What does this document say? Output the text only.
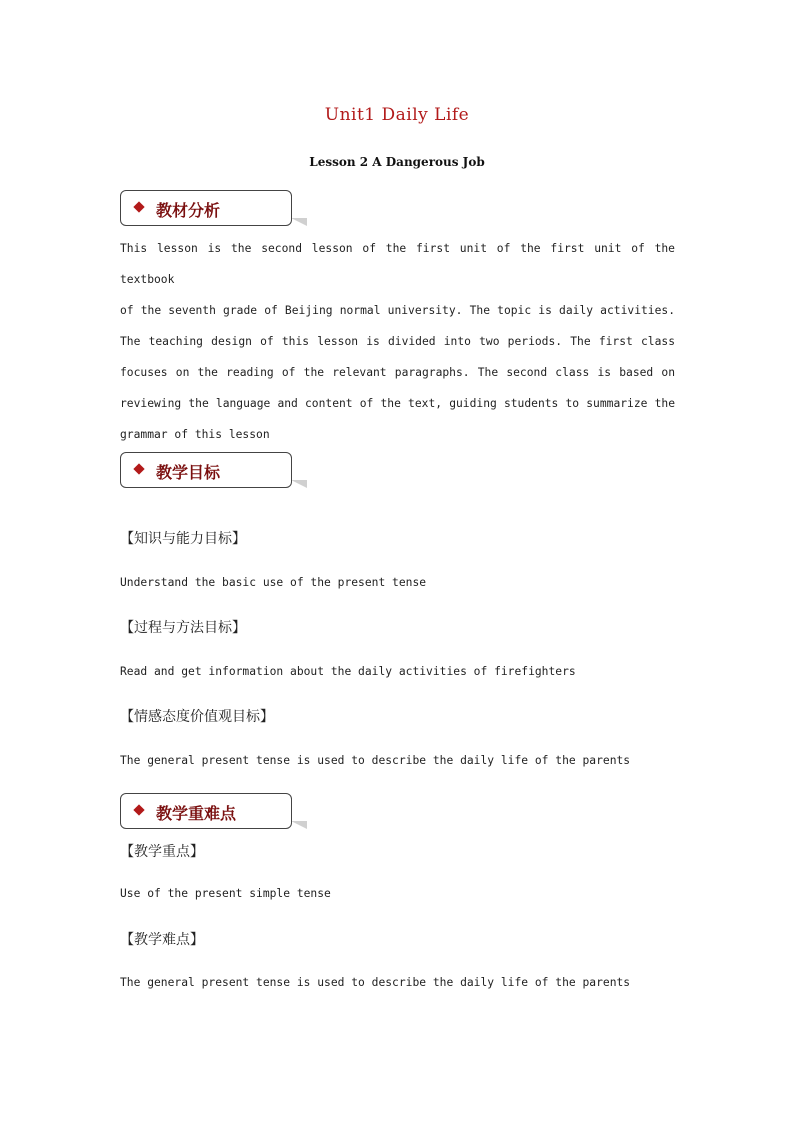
Unit1 Daily Life
Lesson 2 A Dangerous Job
教材分析
This lesson is the second lesson of the first unit of the first unit of the textbook
of the seventh grade of Beijing normal university. The topic is daily activities.
The teaching design of this lesson is divided into two periods. The first class
focuses on the reading of the relevant paragraphs. The second class is based on
reviewing the language and content of the text, guiding students to summarize the
grammar of this lesson
教学目标
【知识与能力目标】
Understand the basic use of the present tense
【过程与方法目标】
Read and get information about the daily activities of firefighters
【情感态度价值观目标】
The general present tense is used to describe the daily life of the parents
教学重难点
【教学重点】
Use of the present simple tense
【教学难点】
The general present tense is used to describe the daily life of the parents
